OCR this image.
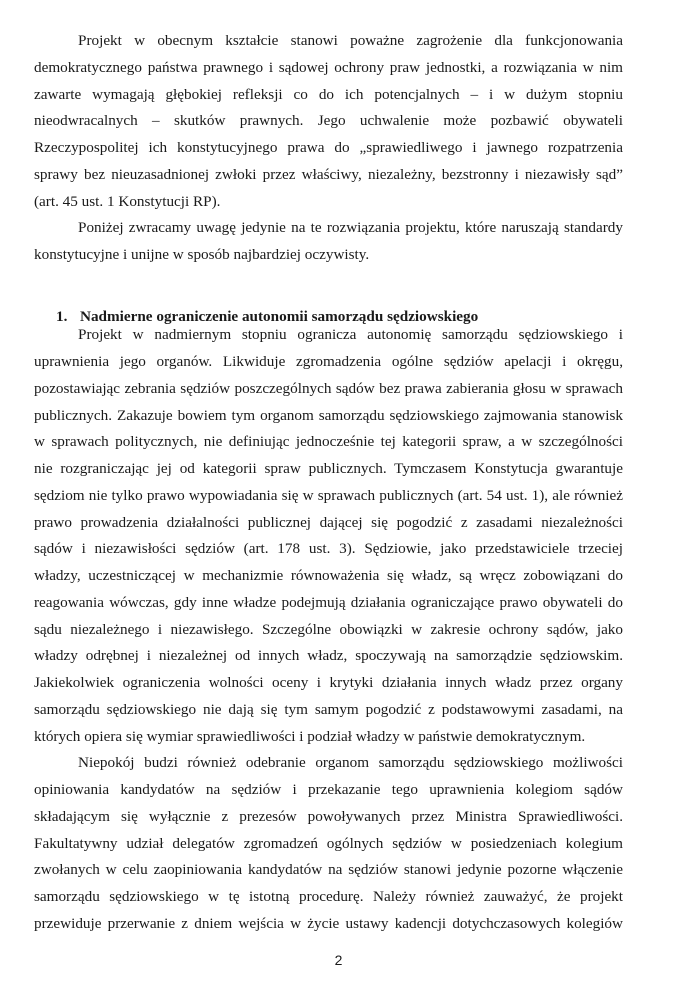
Projekt w obecnym kształcie stanowi poważne zagrożenie dla funkcjonowania
demokratycznego państwa prawnego i sądowej ochrony praw jednostki, a rozwiązania w nim
zawarte wymagają głębokiej refleksji co do ich potencjalnych – i w dużym stopniu
nieodwracalnych – skutków prawnych. Jego uchwalenie może pozbawić obywateli
Rzeczypospolitej ich konstytucyjnego prawa do „sprawiedliwego i jawnego rozpatrzenia
sprawy bez nieuzasadnionej zwłoki przez właściwy, niezależny, bezstronny i niezawisły sąd”
(art. 45 ust. 1 Konstytucji RP).
Poniżej zwracamy uwagę jedynie na te rozwiązania projektu, które naruszają standardy
konstytucyjne i unijne w sposób najbardziej oczywisty.
1. Nadmierne ograniczenie autonomii samorządu sędziowskiego
Projekt w nadmiernym stopniu ogranicza autonomię samorządu sędziowskiego i
uprawnienia jego organów. Likwiduje zgromadzenia ogólne sędziów apelacji i okręgu,
pozostawiając zebrania sędziów poszczególnych sądów bez prawa zabierania głosu w sprawach
publicznych. Zakazuje bowiem tym organom samorządu sędziowskiego zajmowania stanowisk
w sprawach politycznych, nie definiując jednocześnie tej kategorii spraw, a w szczególności
nie rozgraniczając jej od kategorii spraw publicznych. Tymczasem Konstytucja gwarantuje
sędziom nie tylko prawo wypowiadania się w sprawach publicznych (art. 54 ust. 1), ale również
prawo prowadzenia działalności publicznej dającej się pogodzić z zasadami niezależności
sądów i niezawisłości sędziów (art. 178 ust. 3). Sędziowie, jako przedstawiciele trzeciej
władzy, uczestniczącej w mechanizmie równoważenia się władz, są wręcz zobowiązani do
reagowania wówczas, gdy inne władze podejmują działania ograniczające prawo obywateli do
sądu niezależnego i niezawisłego. Szczególne obowiązki w zakresie ochrony sądów, jako
władzy odrębnej i niezależnej od innych władz, spoczywają na samorządzie sędziowskim.
Jakiekolwiek ograniczenia wolności oceny i krytyki działania innych władz przez organy
samorządu sędziowskiego nie dają się tym samym pogodzić z podstawowymi zasadami, na
których opiera się wymiar sprawiedliwości i podział władzy w państwie demokratycznym.
Niepokój budzi również odebranie organom samorządu sędziowskiego możliwości
opiniowania kandydatów na sędziów i przekazanie tego uprawnienia kolegiom sądów
składającym się wyłącznie z prezesów powoływanych przez Ministra Sprawiedliwości.
Fakultatywny udział delegatów zgromadzeń ogólnych sędziów w posiedzeniach kolegium
zwołanych w celu zaopiniowania kandydatów na sędziów stanowi jedynie pozorne włączenie
samorządu sędziowskiego w tę istotną procedurę. Należy również zauważyć, że projekt
przewiduje przerwanie z dniem wejścia w życie ustawy kadencji dotychczasowych kolegiów
2
